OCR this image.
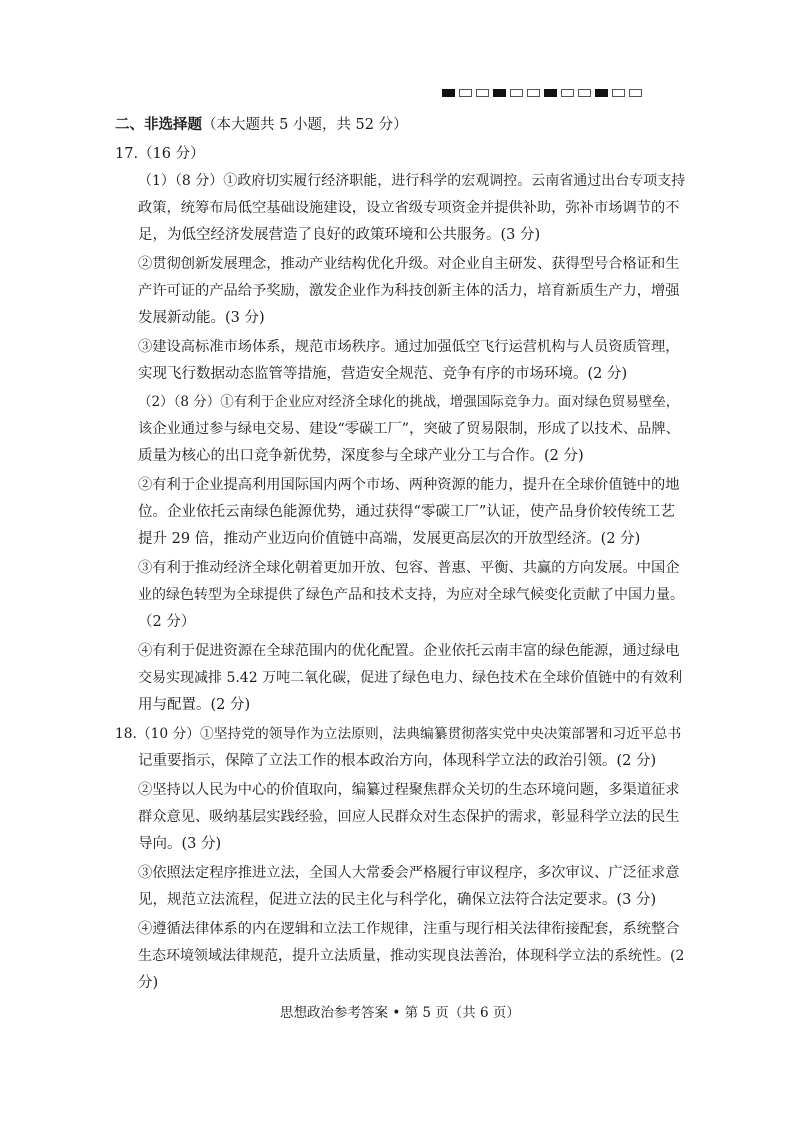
二、非选择题（本大题共 5 小题，共 52 分）
17.（16 分）
（1）（8 分）①政府切实履行经济职能，进行科学的宏观调控。云南省通过出台专项支持
政策，统筹布局低空基础设施建设，设立省级专项资金并提供补助，弥补市场调节的不
足，为低空经济发展营造了良好的政策环境和公共服务。(3 分)
②贯彻创新发展理念，推动产业结构优化升级。对企业自主研发、获得型号合格证和生
产许可证的产品给予奖励，激发企业作为科技创新主体的活力，培育新质生产力，增强
发展新动能。(3 分)
③建设高标准市场体系，规范市场秩序。通过加强低空飞行运营机构与人员资质管理，
实现飞行数据动态监管等措施，营造安全规范、竞争有序的市场环境。(2 分)
（2）（8 分）①有利于企业应对经济全球化的挑战，增强国际竞争力。面对绿色贸易壁垒，
该企业通过参与绿电交易、建设“零碳工厂”，突破了贸易限制，形成了以技术、品牌、
质量为核心的出口竞争新优势，深度参与全球产业分工与合作。(2 分)
②有利于企业提高利用国际国内两个市场、两种资源的能力，提升在全球价值链中的地
位。企业依托云南绿色能源优势，通过获得“零碳工厂”认证，使产品身价较传统工艺
提升 29 倍，推动产业迈向价值链中高端，发展更高层次的开放型经济。(2 分)
③有利于推动经济全球化朝着更加开放、包容、普惠、平衡、共赢的方向发展。中国企
业的绿色转型为全球提供了绿色产品和技术支持，为应对全球气候变化贡献了中国力量。
（2 分）
④有利于促进资源在全球范围内的优化配置。企业依托云南丰富的绿色能源，通过绿电
交易实现减排 5.42 万吨二氧化碳，促进了绿色电力、绿色技术在全球价值链中的有效利
用与配置。(2 分)
18.（10 分）①坚持党的领导作为立法原则，法典编纂贯彻落实党中央决策部署和习近平总书
记重要指示，保障了立法工作的根本政治方向，体现科学立法的政治引领。(2 分)
②坚持以人民为中心的价值取向，编纂过程聚焦群众关切的生态环境问题，多渠道征求
群众意见、吸纳基层实践经验，回应人民群众对生态保护的需求，彰显科学立法的民生
导向。(3 分)
③依照法定程序推进立法，全国人大常委会严格履行审议程序，多次审议、广泛征求意
见，规范立法流程，促进立法的民主化与科学化，确保立法符合法定要求。(3 分)
④遵循法律体系的内在逻辑和立法工作规律，注重与现行相关法律衔接配套，系统整合
生态环境领域法律规范，提升立法质量，推动实现良法善治，体现科学立法的系统性。(2
分)
思想政治参考答案 • 第 5 页（共 6 页）
